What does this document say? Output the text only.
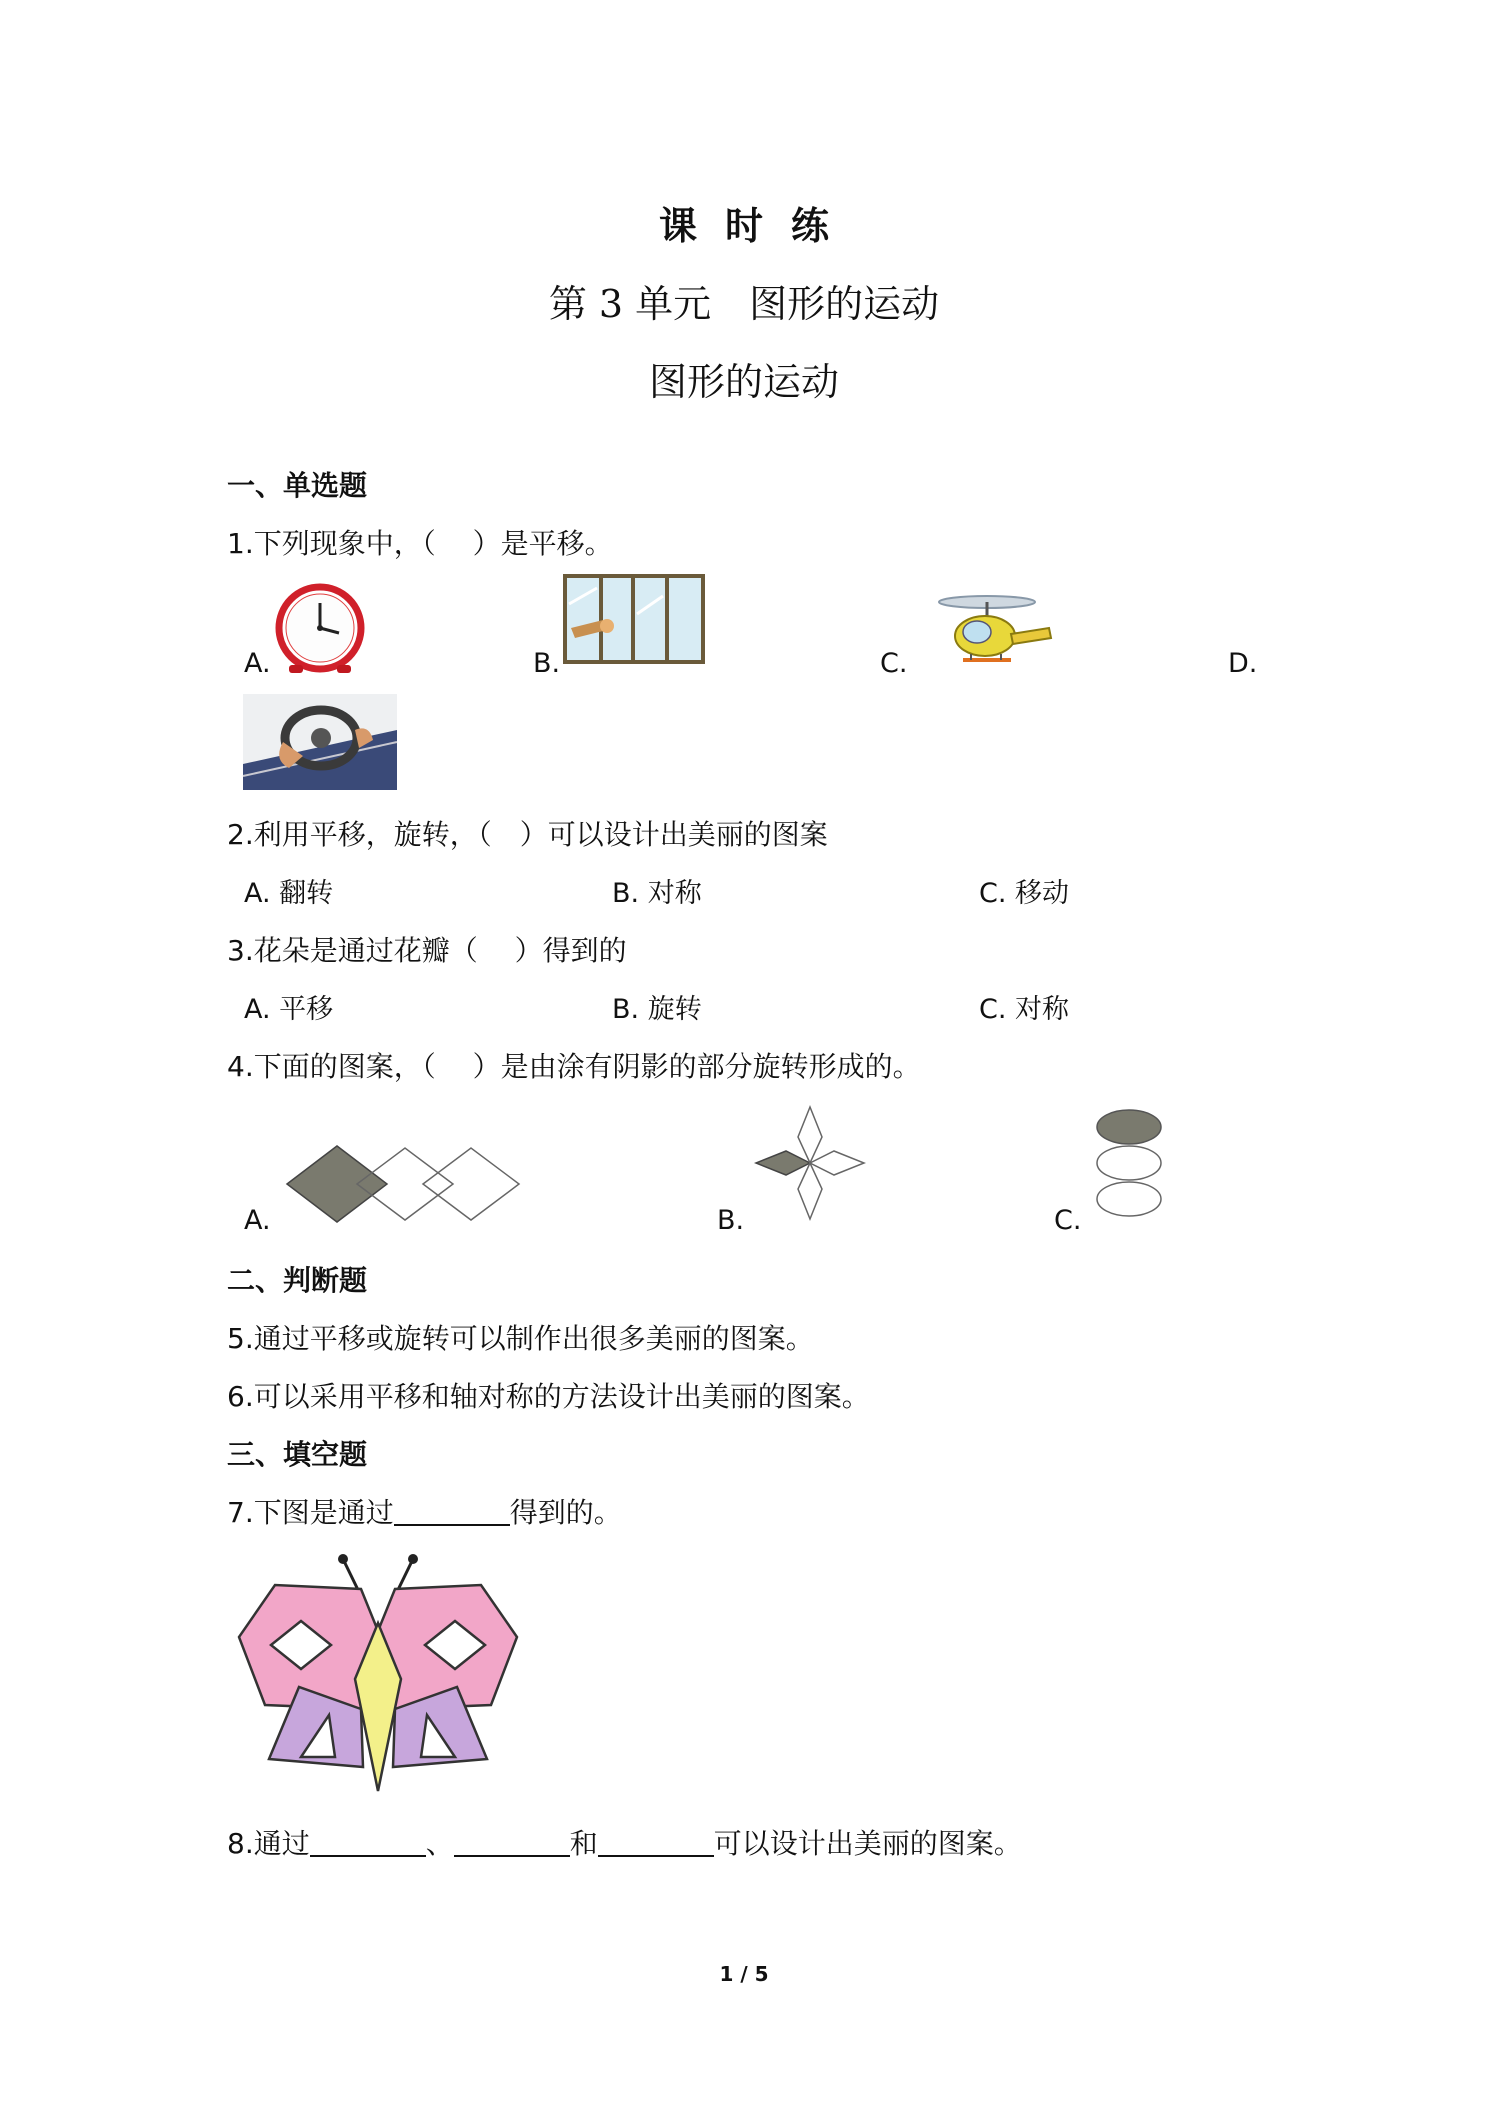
课时练
第 3 单元　图形的运动
图形的运动
一、单选题
1.下列现象中，（　 ）是平移。
A.	B.	C.	D.
2.利用平移，旋转，（　）可以设计出美丽的图案
A. 翻转	B. 对称	C. 移动
3.花朵是通过花瓣（　 ）得到的
A. 平移	B. 旋转	C. 对称
4.下面的图案，（　 ）是由涂有阴影的部分旋转形成的。
A.	B.	C.
二、判断题
5.通过平移或旋转可以制作出很多美丽的图案。
6.可以采用平移和轴对称的方法设计出美丽的图案。
三、填空题
7.下图是通过	得到的。
8.通过	、	和	可以设计出美丽的图案。
1 / 5
